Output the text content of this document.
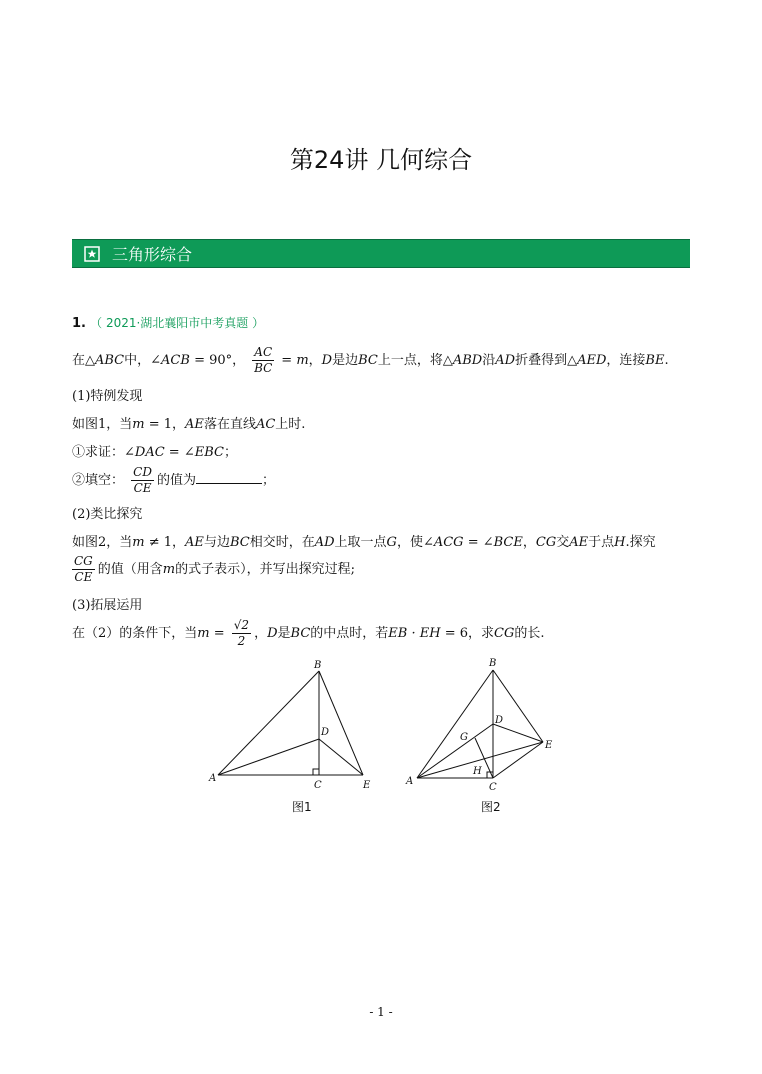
第24讲 几何综合
三角形综合
1. （ 2021·湖北襄阳市中考真题 ）
在△ABC中，∠ACB = 90°， $\frac{AC}{BC} = m$，D是边BC上一点，将△ABD沿AD折叠得到△AED，连接BE.
(1)特例发现
如图1，当m = 1，AE落在直线AC上时.
①求证：∠DAC = ∠EBC；
②填空： $\frac{CD}{CE}$ 的值为	；
(2)类比探究
如图2，当m ≠ 1，AE与边BC相交时，在AD上取一点G，使∠ACG = ∠BCE，CG交AE于点H.探究
$\frac{CG}{CE}$ 的值（用含m的式子表示），并写出探究过程;
(3)拓展运用
在（2）的条件下，当$m = \frac{√2}{2}$ ，D是BC的中点时，若EB · EH = 6，求CG的长.
A
B
C
D
E
图1
A
B
C
D
E
G
H
图2
- 1 -
